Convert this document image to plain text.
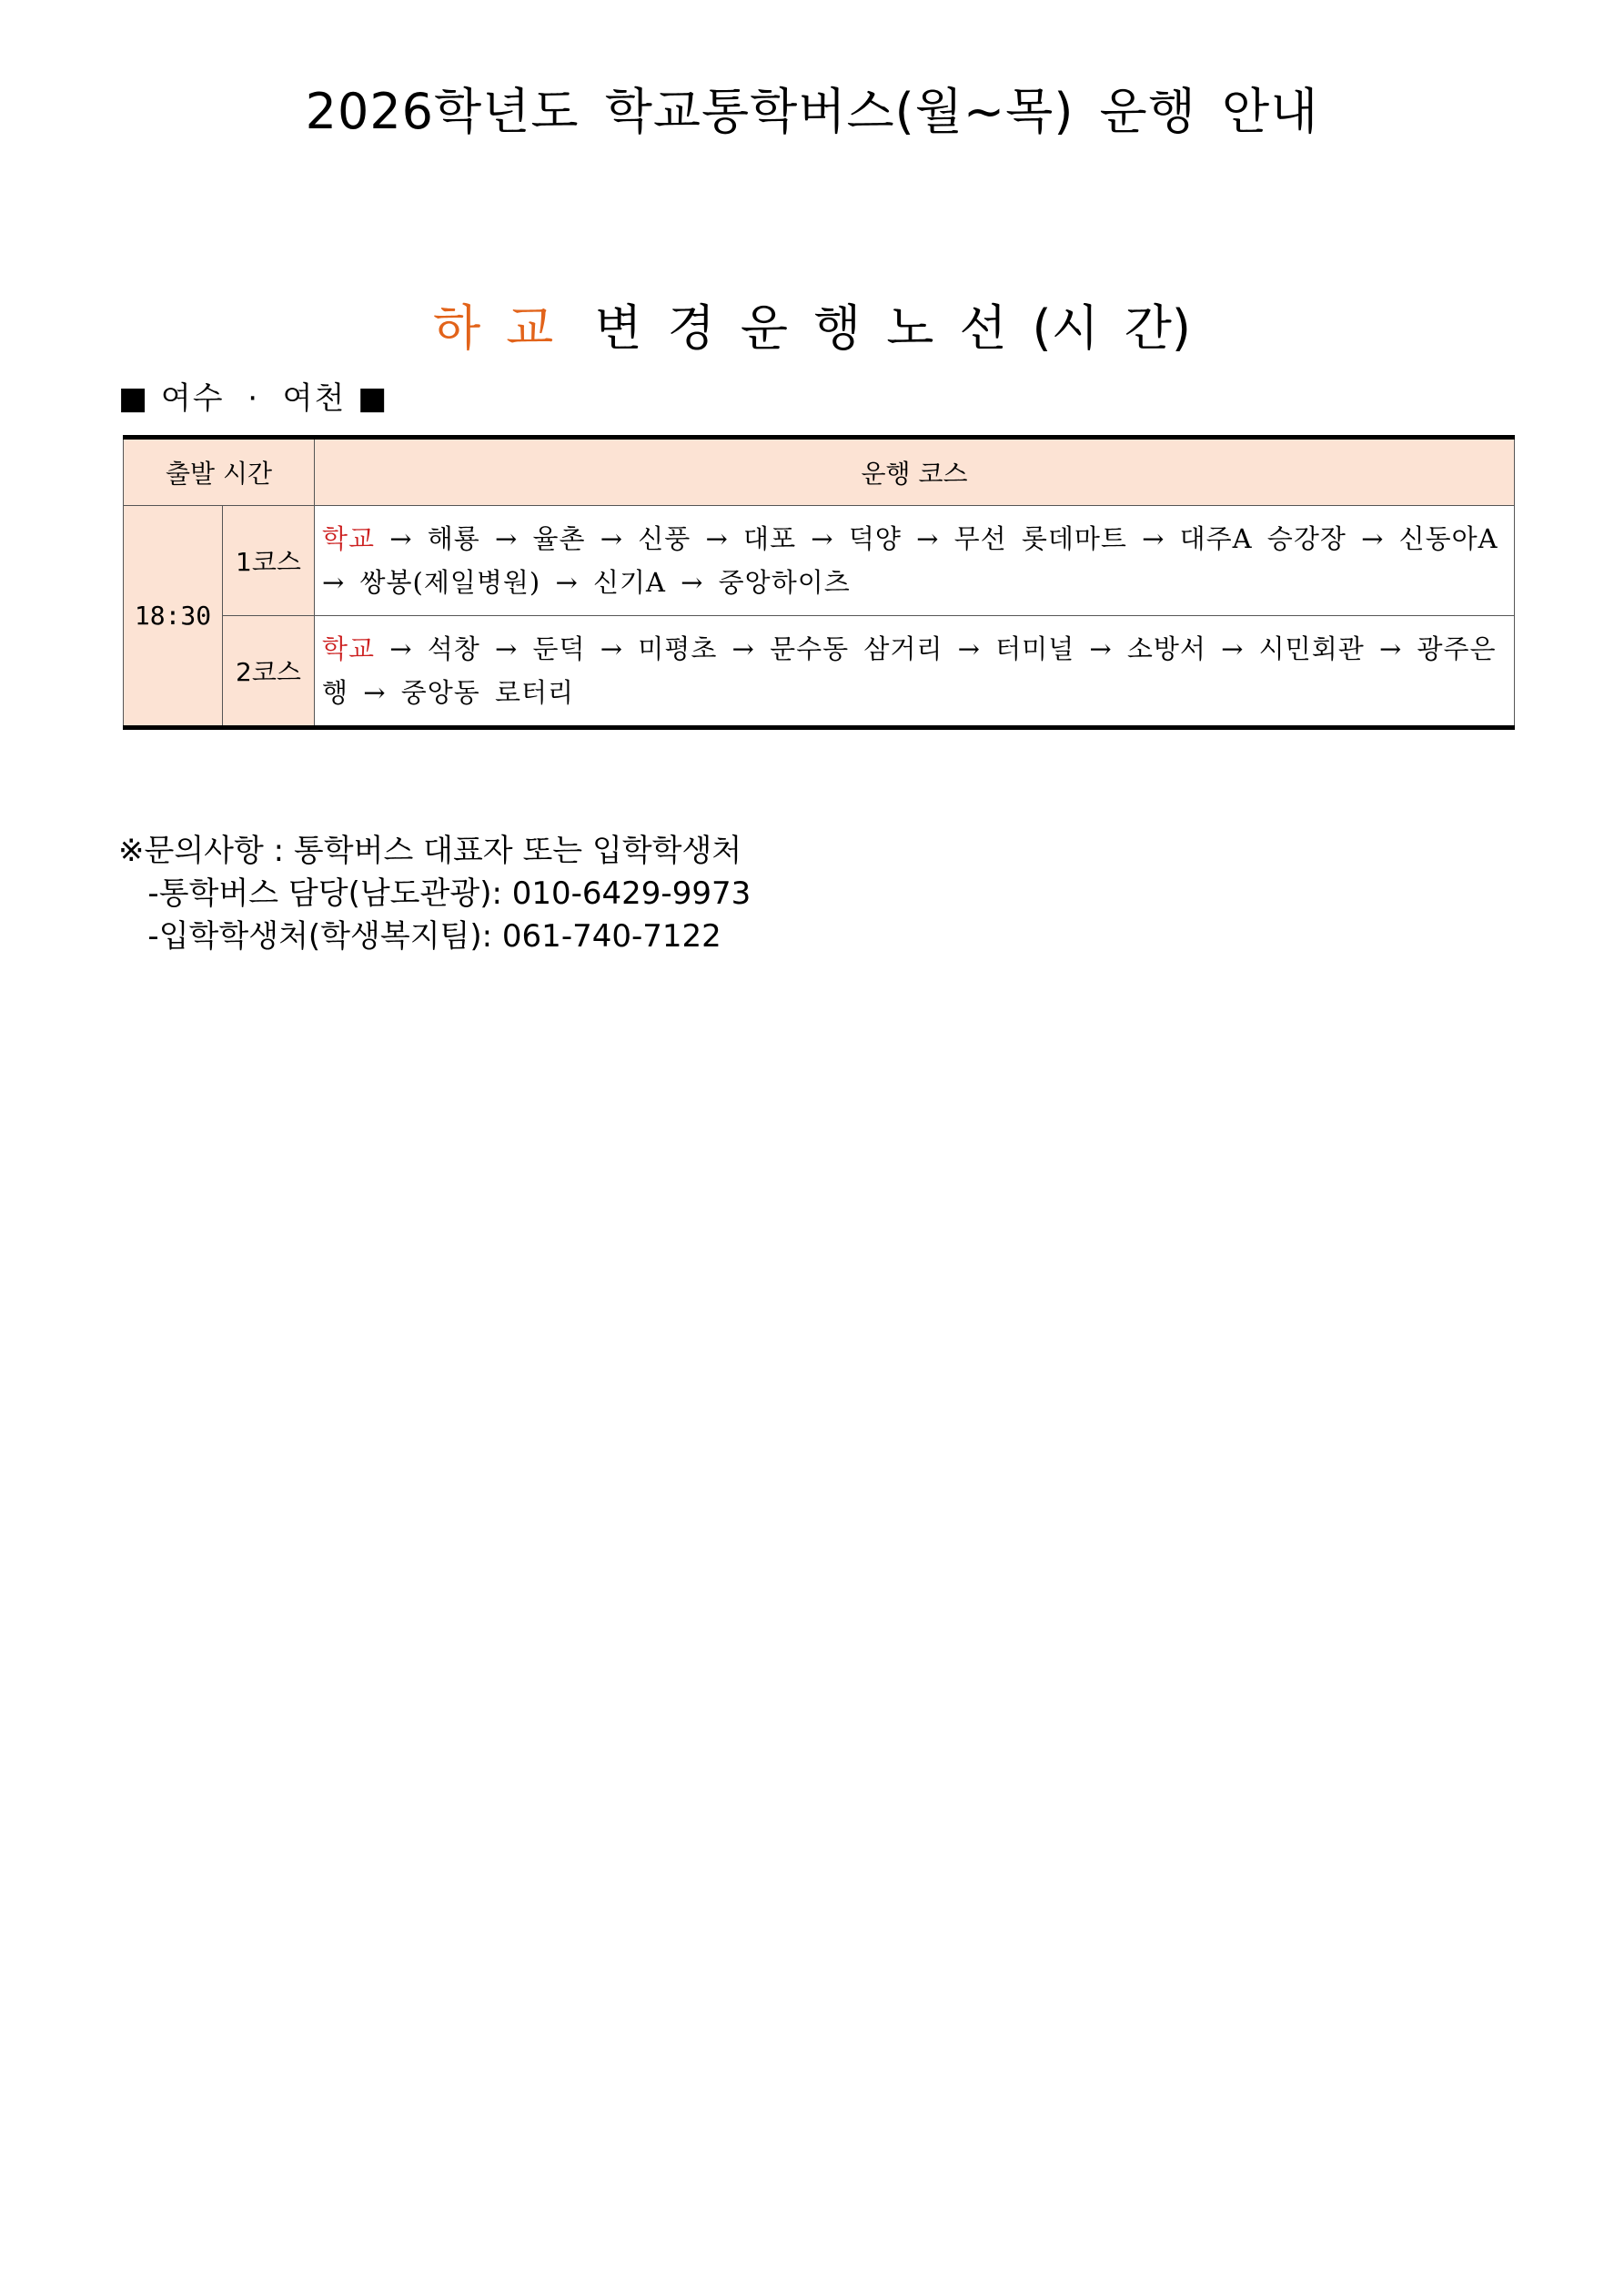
2026학년도 학교통학버스(월~목) 운행 안내
하 교 변 경 운 행 노 선 (시 간)
■ 여수  ·  여천 ■
출발 시간		운행 코스
18:30	1코스	학교 → 해룡 → 율촌 → 신풍 → 대포 → 덕양 → 무선 롯데마트 → 대주A 승강장 → 신동아A → 쌍봉(제일병원) → 신기A → 중앙하이츠
	2코스	학교 → 석창 → 둔덕 → 미평초 → 문수동 삼거리 → 터미널 → 소방서 → 시민회관 → 광주은행 → 중앙동 로터리
※문의사항 : 통학버스 대표자 또는 입학학생처
-통학버스 담당(남도관광): 010-6429-9973
-입학학생처(학생복지팀): 061-740-7122
